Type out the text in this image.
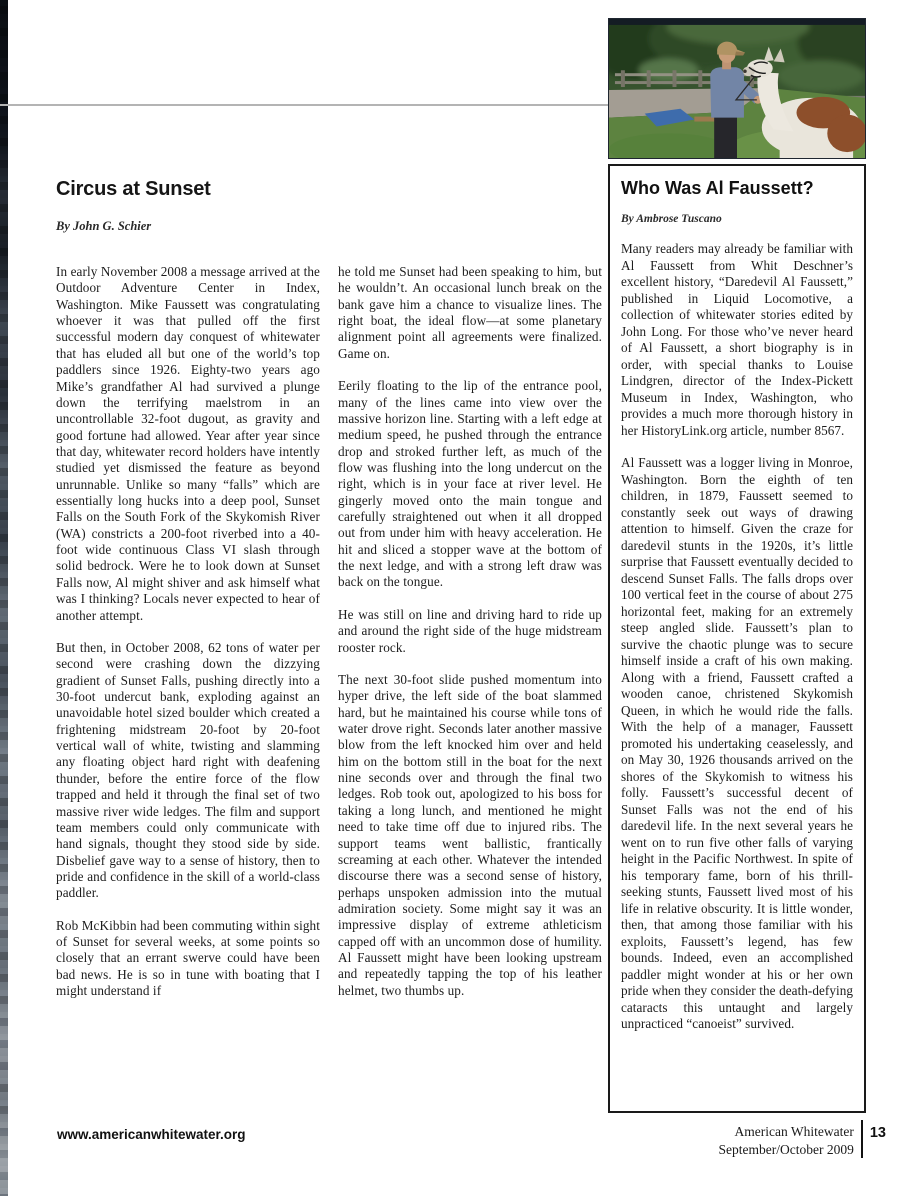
Circus at Sunset
By John G. Schier

In early November 2008 a message arrived at the Outdoor Adventure Center in Index, Washington. Mike Faussett was congratulating whoever it was that pulled off the first successful modern day conquest of whitewater that has eluded all but one of the world’s top paddlers since 1926. Eighty-two years ago Mike’s grandfather Al had survived a plunge down the terrifying maelstrom in an uncontrollable 32-foot dugout, as gravity and good fortune had allowed. Year after year since that day, whitewater record holders have intently studied yet dismissed the feature as beyond unrunnable. Unlike so many “falls” which are essentially long hucks into a deep pool, Sunset Falls on the South Fork of the Skykomish River (WA) constricts a 200-foot riverbed into a 40-foot wide continuous Class VI slash through solid bedrock. Were he to look down at Sunset Falls now, Al might shiver and ask himself what was I thinking? Locals never expected to hear of another attempt.

But then, in October 2008, 62 tons of water per second were crashing down the dizzying gradient of Sunset Falls, pushing directly into a 30-foot undercut bank, exploding against an unavoidable hotel sized boulder which created a frightening midstream 20-foot by 20-foot vertical wall of white, twisting and slamming any floating object hard right with deafening thunder, before the entire force of the flow trapped and held it through the final set of two massive river wide ledges. The film and support team members could only communicate with hand signals, thought they stood side by side. Disbelief gave way to a sense of history, then to pride and confidence in the skill of a world-class paddler.

Rob McKibbin had been commuting within sight of Sunset for several weeks, at some points so closely that an errant swerve could have been bad news. He is so in tune with boating that I might understand if

he told me Sunset had been speaking to him, but he wouldn’t. An occasional lunch break on the bank gave him a chance to visualize lines. The right boat, the ideal flow—at some planetary alignment point all agreements were finalized. Game on.

Eerily floating to the lip of the entrance pool, many of the lines came into view over the massive horizon line. Starting with a left edge at medium speed, he pushed through the entrance drop and stroked further left, as much of the flow was flushing into the long undercut on the right, which is in your face at river level. He gingerly moved onto the main tongue and carefully straightened out when it all dropped out from under him with heavy acceleration. He hit and sliced a stopper wave at the bottom of the next ledge, and with a strong left draw was back on the tongue.

He was still on line and driving hard to ride up and around the right side of the huge midstream rooster rock.

The next 30-foot slide pushed momentum into hyper drive, the left side of the boat slammed hard, but he maintained his course while tons of water drove right. Seconds later another massive blow from the left knocked him over and held him on the bottom still in the boat for the next nine seconds over and through the final two ledges. Rob took out, apologized to his boss for taking a long lunch, and mentioned he might need to take time off due to injured ribs. The support teams went ballistic, frantically screaming at each other. Whatever the intended discourse there was a second sense of history, perhaps unspoken admission into the mutual admiration society. Some might say it was an impressive display of extreme athleticism capped off with an uncommon dose of humility. Al Faussett might have been looking upstream and repeatedly tapping the top of his leather helmet, two thumbs up.

Who Was Al Faussett?
By Ambrose Tuscano

Many readers may already be familiar with Al Faussett from Whit Deschner’s excellent history, “Daredevil Al Faussett,” published in Liquid Locomotive, a collection of whitewater stories edited by John Long. For those who’ve never heard of Al Faussett, a short biography is in order, with special thanks to Louise Lindgren, director of the Index-Pickett Museum in Index, Washington, who provides a much more thorough history in her HistoryLink.org article, number 8567.

Al Faussett was a logger living in Monroe, Washington. Born the eighth of ten children, in 1879, Faussett seemed to constantly seek out ways of drawing attention to himself. Given the craze for daredevil stunts in the 1920s, it’s little surprise that Faussett eventually decided to descend Sunset Falls. The falls drops over 100 vertical feet in the course of about 275 horizontal feet, making for an extremely steep angled slide. Faussett’s plan to survive the chaotic plunge was to secure himself inside a craft of his own making. Along with a friend, Faussett crafted a wooden canoe, christened Skykomish Queen, in which he would ride the falls. With the help of a manager, Faussett promoted his undertaking ceaselessly, and on May 30, 1926 thousands arrived on the shores of the Skykomish to witness his folly. Faussett’s successful decent of Sunset Falls was not the end of his daredevil life. In the next several years he went on to run five other falls of varying height in the Pacific Northwest. In spite of his temporary fame, born of his thrill-seeking stunts, Faussett lived most of his life in relative obscurity. It is little wonder, then, that among those familiar with his exploits, Faussett’s legend, has few bounds. Indeed, even an accomplished paddler might wonder at his or her own pride when they consider the death-defying cataracts this untaught and largely unpracticed “canoeist” survived.

www.americanwhitewater.org	American Whitewater
September/October 2009
13
